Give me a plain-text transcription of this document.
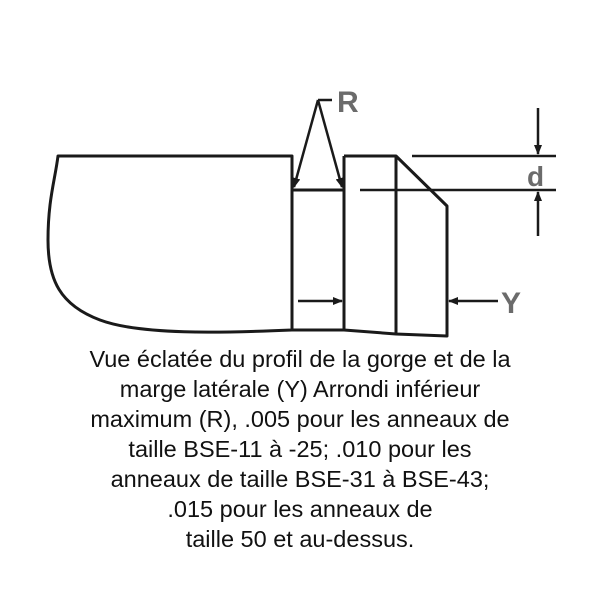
R
d
Y
Vue éclatée du profil de la gorge et de la
marge latérale (Y) Arrondi inférieur
maximum (R), .005 pour les anneaux de
taille BSE-11 à -25; .010 pour les
anneaux de taille BSE-31 à BSE-43;
.015 pour les anneaux de
taille 50 et au-dessus.
